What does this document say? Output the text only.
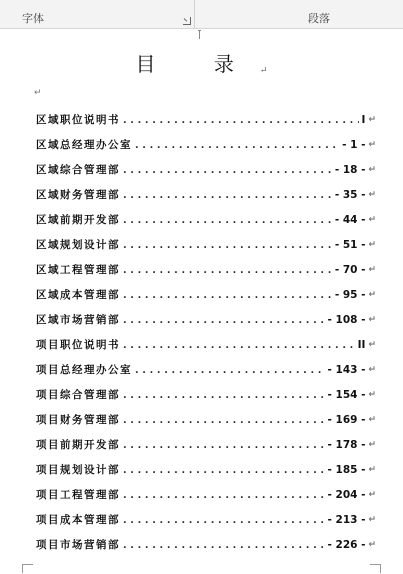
字体	段落
目 录↵
↵
区域职位说明书 . . .	I ↵
区域总经理办公室 . . .	- 1 - ↵
区域综合管理部 . . .	- 18 - ↵
区域财务管理部 . . .	- 35 - ↵
区域前期开发部 . . .	- 44 - ↵
区域规划设计部 . . .	- 51 - ↵
区域工程管理部 . . .	- 70 - ↵
区域成本管理部 . . .	- 95 - ↵
区域市场营销部 . . .	- 108 - ↵
项目职位说明书 . . .	II ↵
项目总经理办公室 . . .	- 143 - ↵
项目综合管理部 . . .	- 154 - ↵
项目财务管理部 . . .	- 169 - ↵
项目前期开发部 . . .	- 178 - ↵
项目规划设计部 . . .	- 185 - ↵
项目工程管理部 . . .	- 204 - ↵
项目成本管理部 . . .	- 213 - ↵
项目市场营销部 . . .	- 226 - ↵
